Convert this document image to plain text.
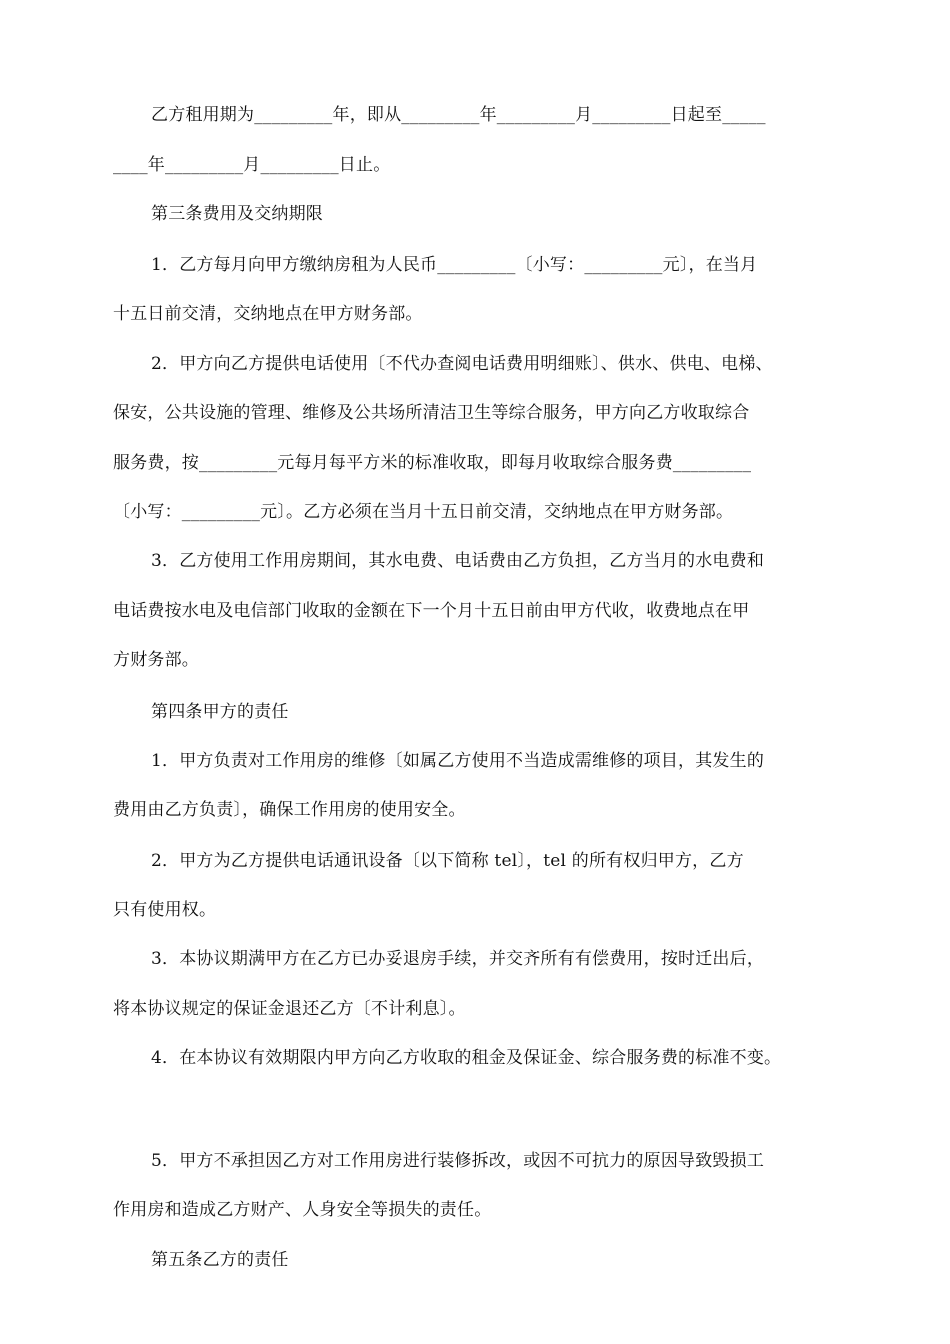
乙方租用期为_________年，即从_________年_________月_________日起至_____
____年_________月_________日止。
第三条费用及交纳期限
1．乙方每月向甲方缴纳房租为人民币_________〔小写：_________元〕，在当月
十五日前交清，交纳地点在甲方财务部。
2．甲方向乙方提供电话使用〔不代办查阅电话费用明细账〕、供水、供电、电梯、
保安，公共设施的管理、维修及公共场所清洁卫生等综合服务，甲方向乙方收取综合
服务费，按_________元每月每平方米的标准收取，即每月收取综合服务费_________
〔小写：_________元〕。乙方必须在当月十五日前交清，交纳地点在甲方财务部。
3．乙方使用工作用房期间，其水电费、电话费由乙方负担，乙方当月的水电费和
电话费按水电及电信部门收取的金额在下一个月十五日前由甲方代收，收费地点在甲
方财务部。
第四条甲方的责任
1．甲方负责对工作用房的维修〔如属乙方使用不当造成需维修的项目，其发生的
费用由乙方负责〕，确保工作用房的使用安全。
2．甲方为乙方提供电话通讯设备〔以下简称 tel〕，tel 的所有权归甲方，乙方
只有使用权。
3．本协议期满甲方在乙方已办妥退房手续，并交齐所有有偿费用，按时迁出后，
将本协议规定的保证金退还乙方〔不计利息〕。
4．在本协议有效期限内甲方向乙方收取的租金及保证金、综合服务费的标准不变。
5．甲方不承担因乙方对工作用房进行装修拆改，或因不可抗力的原因导致毁损工
作用房和造成乙方财产、人身安全等损失的责任。
第五条乙方的责任
